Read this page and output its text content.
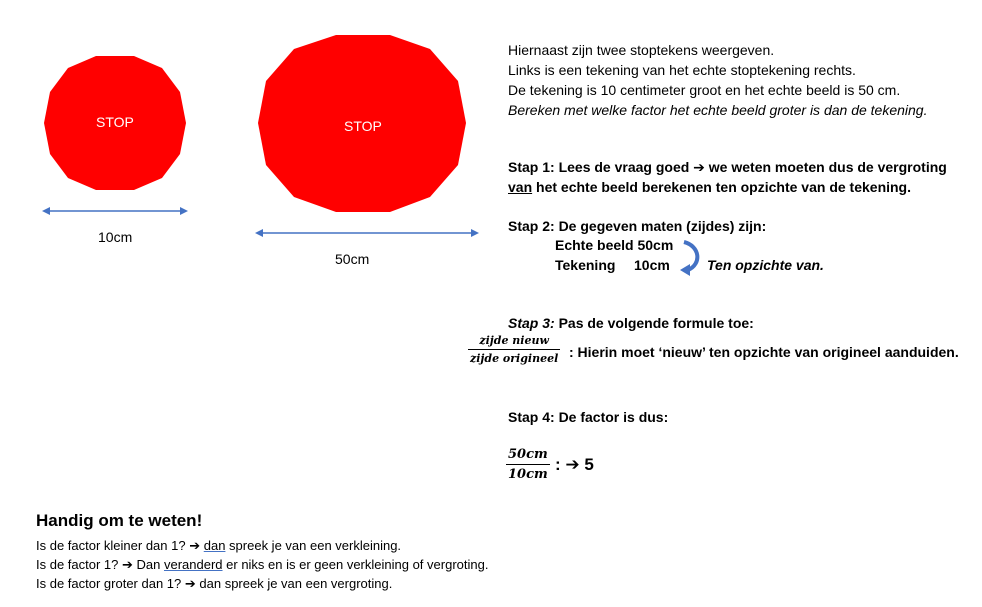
STOP
10cm
STOP
50cm
Hiernaast zijn twee stoptekens weergeven.
Links is een tekening van het echte stoptekening rechts.
De tekening is 10 centimeter groot en het echte beeld is 50 cm.
Bereken met welke factor het echte beeld groter is dan de tekening.
Stap 1: Lees de vraag goed ➔ we weten moeten dus de vergroting
van het echte beeld berekenen ten opzichte van de tekening.
Stap 2: De gegeven maten (zijdes) zijn:
Echte beeld 50cm
Tekening 10cm	Ten opzichte van.
Stap 3: Pas de volgende formule toe:
$\frac{\text{zijde nieuw}}{\text{zijde origineel}}$ : Hierin moet ‘nieuw’ ten opzichte van origineel aanduiden.
Stap 4: De factor is dus:
$\frac{50cm}{10cm}$ : ➔ 5
Handig om te weten!
Is de factor kleiner dan 1? ➔ dan spreek je van een verkleining.
Is de factor 1? ➔ Dan veranderd er niks en is er geen verkleining of vergroting.
Is de factor groter dan 1? ➔ dan spreek je van een vergroting.
